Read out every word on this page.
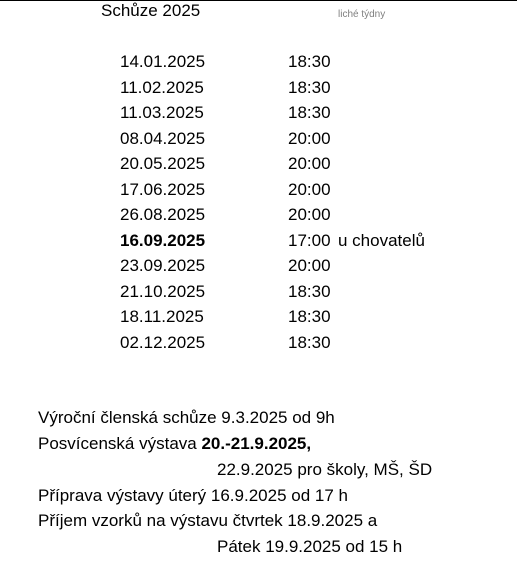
Schůze 2025	liché týdny
14.01.2025	18:30
11.02.2025	18:30
11.03.2025	18:30
08.04.2025	20:00
20.05.2025	20:00
17.06.2025	20:00
26.08.2025	20:00
16.09.2025	17:00 u chovatelů
23.09.2025	20:00
21.10.2025	18:30
18.11.2025	18:30
02.12.2025	18:30
Výroční členská schůze 9.3.2025 od 9h
Posvícenská výstava 20.-21.9.2025,
22.9.2025 pro školy, MŠ, ŠD
Příprava výstavy úterý 16.9.2025 od 17 h
Příjem vzorků na výstavu čtvrtek 18.9.2025 a
Pátek 19.9.2025 od 15 h
